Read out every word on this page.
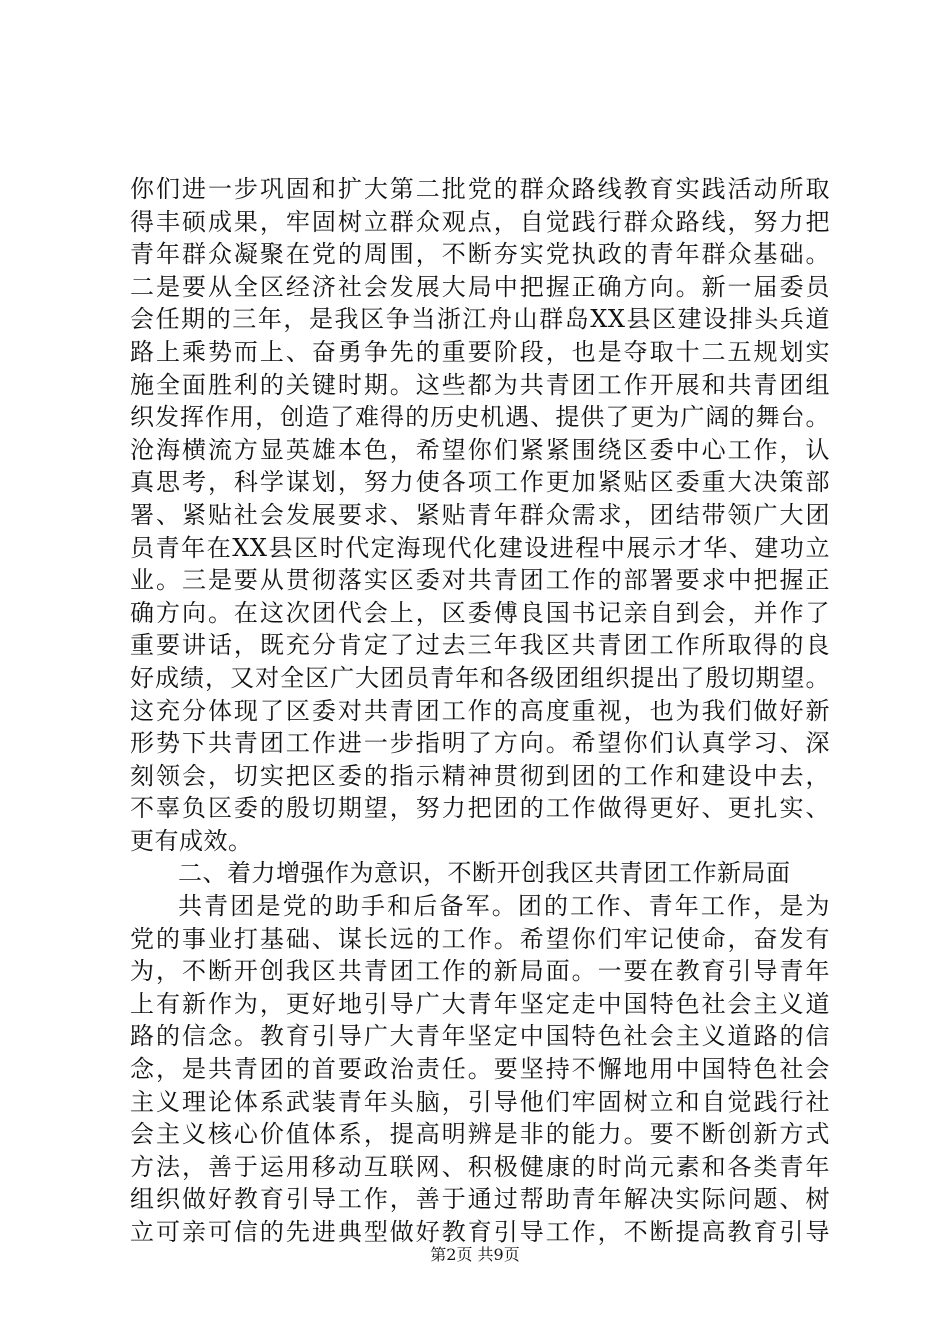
你们进一步巩固和扩大第二批党的群众路线教育实践活动所取
得丰硕成果，牢固树立群众观点，自觉践行群众路线，努力把
青年群众凝聚在党的周围，不断夯实党执政的青年群众基础。
二是要从全区经济社会发展大局中把握正确方向。新一届委员
会任期的三年，是我区争当浙江舟山群岛XX县区建设排头兵道
路上乘势而上、奋勇争先的重要阶段，也是夺取十二五规划实
施全面胜利的关键时期。这些都为共青团工作开展和共青团组
织发挥作用，创造了难得的历史机遇、提供了更为广阔的舞台。
沧海横流方显英雄本色，希望你们紧紧围绕区委中心工作，认
真思考，科学谋划，努力使各项工作更加紧贴区委重大决策部
署、紧贴社会发展要求、紧贴青年群众需求，团结带领广大团
员青年在XX县区时代定海现代化建设进程中展示才华、建功立
业。三是要从贯彻落实区委对共青团工作的部署要求中把握正
确方向。在这次团代会上，区委傅良国书记亲自到会，并作了
重要讲话，既充分肯定了过去三年我区共青团工作所取得的良
好成绩，又对全区广大团员青年和各级团组织提出了殷切期望。
这充分体现了区委对共青团工作的高度重视，也为我们做好新
形势下共青团工作进一步指明了方向。希望你们认真学习、深
刻领会，切实把区委的指示精神贯彻到团的工作和建设中去，
不辜负区委的殷切期望，努力把团的工作做得更好、更扎实、
更有成效。
二、着力增强作为意识，不断开创我区共青团工作新局面
共青团是党的助手和后备军。团的工作、青年工作，是为
党的事业打基础、谋长远的工作。希望你们牢记使命，奋发有
为，不断开创我区共青团工作的新局面。一要在教育引导青年
上有新作为，更好地引导广大青年坚定走中国特色社会主义道
路的信念。教育引导广大青年坚定中国特色社会主义道路的信
念，是共青团的首要政治责任。要坚持不懈地用中国特色社会
主义理论体系武装青年头脑，引导他们牢固树立和自觉践行社
会主义核心价值体系，提高明辨是非的能力。要不断创新方式
方法，善于运用移动互联网、积极健康的时尚元素和各类青年
组织做好教育引导工作，善于通过帮助青年解决实际问题、树
立可亲可信的先进典型做好教育引导工作，不断提高教育引导
第2页 共9页
